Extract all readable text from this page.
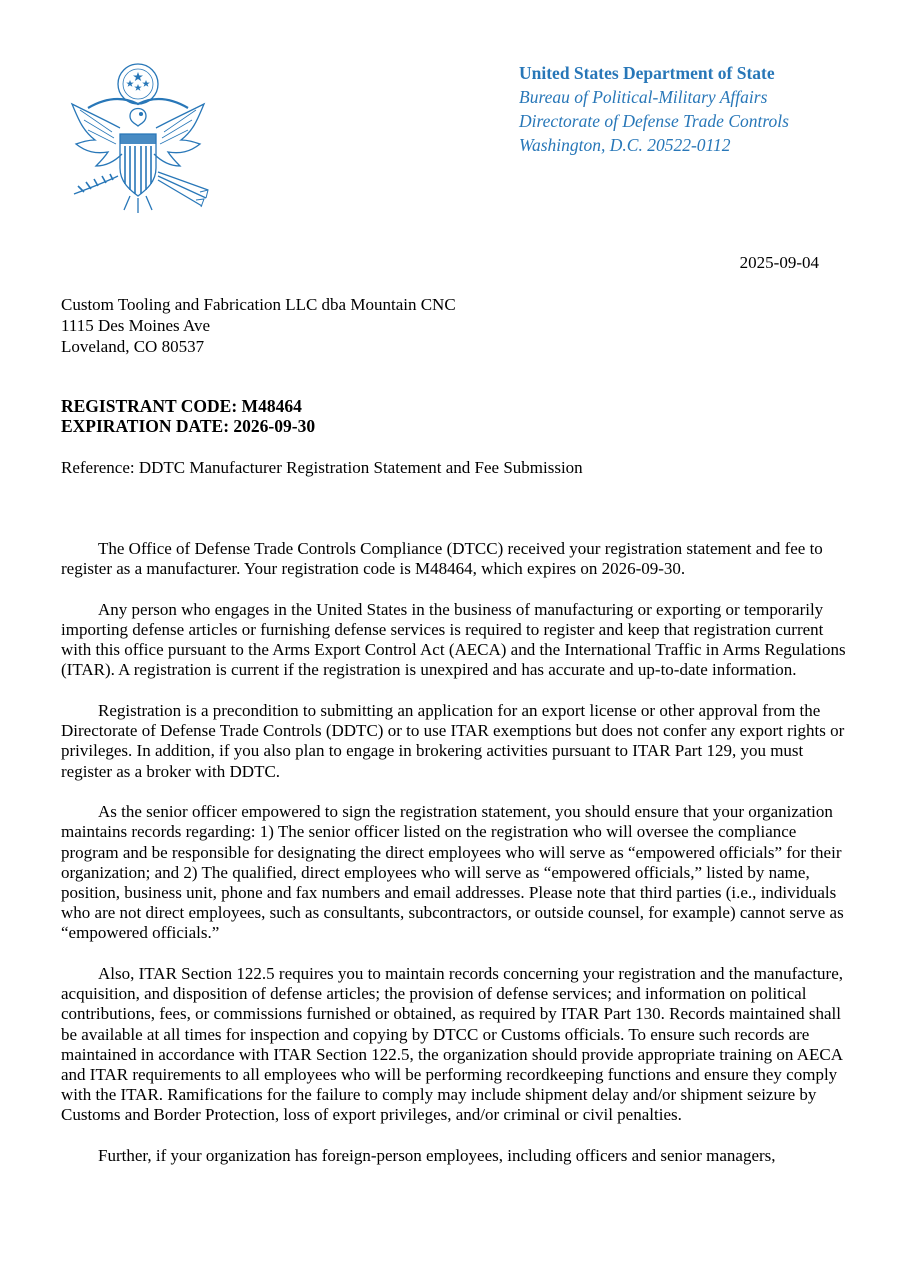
United States Department of State
Bureau of Political-Military Affairs
Directorate of Defense Trade Controls
Washington, D.C. 20522-0112
2025-09-04
Custom Tooling and Fabrication LLC dba Mountain CNC
1115 Des Moines Ave
Loveland, CO 80537
REGISTRANT CODE: M48464
EXPIRATION DATE: 2026-09-30
Reference: DDTC Manufacturer Registration Statement and Fee Submission

The Office of Defense Trade Controls Compliance (DTCC) received your registration statement and fee to register as a manufacturer. Your registration code is M48464, which expires on 2026-09-30.

Any person who engages in the United States in the business of manufacturing or exporting or temporarily importing defense articles or furnishing defense services is required to register and keep that registration current with this office pursuant to the Arms Export Control Act (AECA) and the International Traffic in Arms Regulations (ITAR). A registration is current if the registration is unexpired and has accurate and up-to-date information.

Registration is a precondition to submitting an application for an export license or other approval from the Directorate of Defense Trade Controls (DDTC) or to use ITAR exemptions but does not confer any export rights or privileges. In addition, if you also plan to engage in brokering activities pursuant to ITAR Part 129, you must register as a broker with DDTC.

As the senior officer empowered to sign the registration statement, you should ensure that your organization maintains records regarding: 1) The senior officer listed on the registration who will oversee the compliance program and be responsible for designating the direct employees who will serve as “empowered officials” for their organization; and 2) The qualified, direct employees who will serve as “empowered officials,” listed by name, position, business unit, phone and fax numbers and email addresses. Please note that third parties (i.e., individuals who are not direct employees, such as consultants, subcontractors, or outside counsel, for example) cannot serve as “empowered officials.”

Also, ITAR Section 122.5 requires you to maintain records concerning your registration and the manufacture, acquisition, and disposition of defense articles; the provision of defense services; and information on political contributions, fees, or commissions furnished or obtained, as required by ITAR Part 130. Records maintained shall be available at all times for inspection and copying by DTCC or Customs officials. To ensure such records are maintained in accordance with ITAR Section 122.5, the organization should provide appropriate training on AECA and ITAR requirements to all employees who will be performing recordkeeping functions and ensure they comply with the ITAR. Ramifications for the failure to comply may include shipment delay and/or shipment seizure by Customs and Border Protection, loss of export privileges, and/or criminal or civil penalties.

Further, if your organization has foreign-person employees, including officers and senior managers,
